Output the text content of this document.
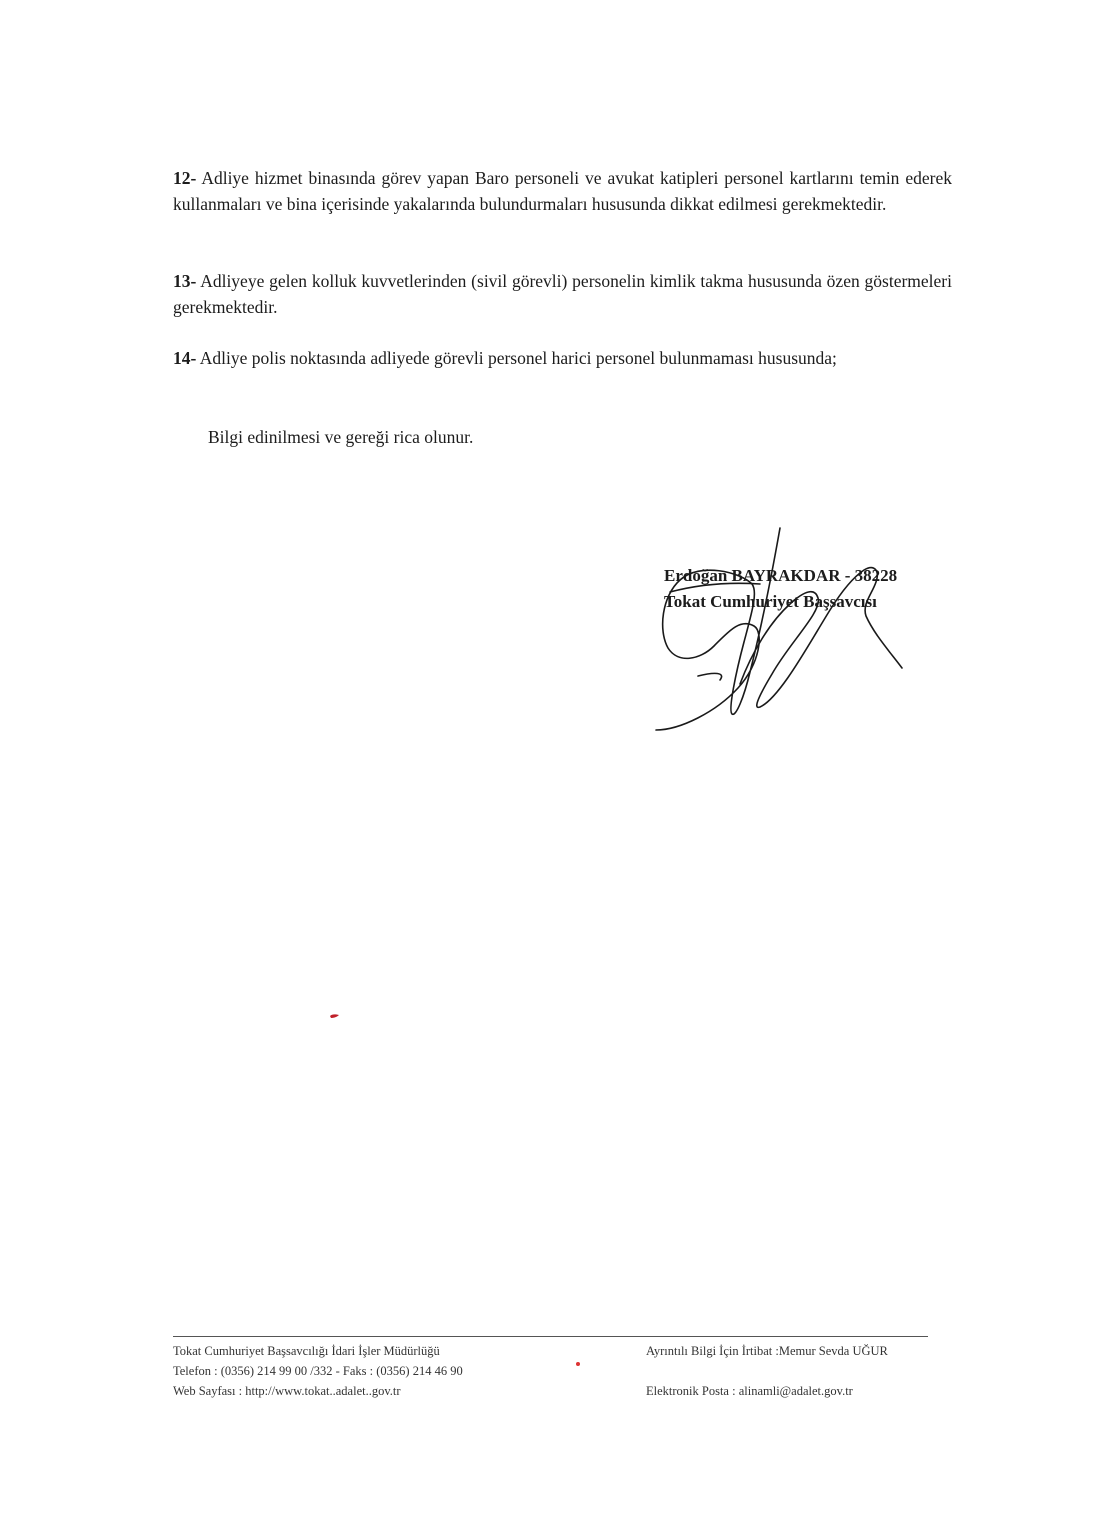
12- Adliye hizmet binasında görev yapan Baro personeli ve avukat katipleri personel kartlarını temin ederek kullanmaları ve bina içerisinde yakalarında bulundurmaları hususunda dikkat edilmesi gerekmektedir.
13- Adliyeye gelen kolluk kuvvetlerinden (sivil görevli) personelin kimlik takma hususunda özen göstermeleri gerekmektedir.
14- Adliye polis noktasında adliyede görevli personel harici personel bulunmaması hususunda;
Bilgi edinilmesi ve gereği rica olunur.
Erdoğan BAYRAKDAR - 38228
Tokat Cumhuriyet Başsavcısı
Tokat Cumhuriyet Başsavcılığı İdari İşler Müdürlüğü
Telefon : (0356) 214 99 00 /332 - Faks : (0356) 214 46 90
Web Sayfası : http://www.tokat..adalet..gov.tr
Ayrıntılı Bilgi İçin İrtibat :Memur Sevda UĞUR
Elektronik Posta : alinamli@adalet.gov.tr
